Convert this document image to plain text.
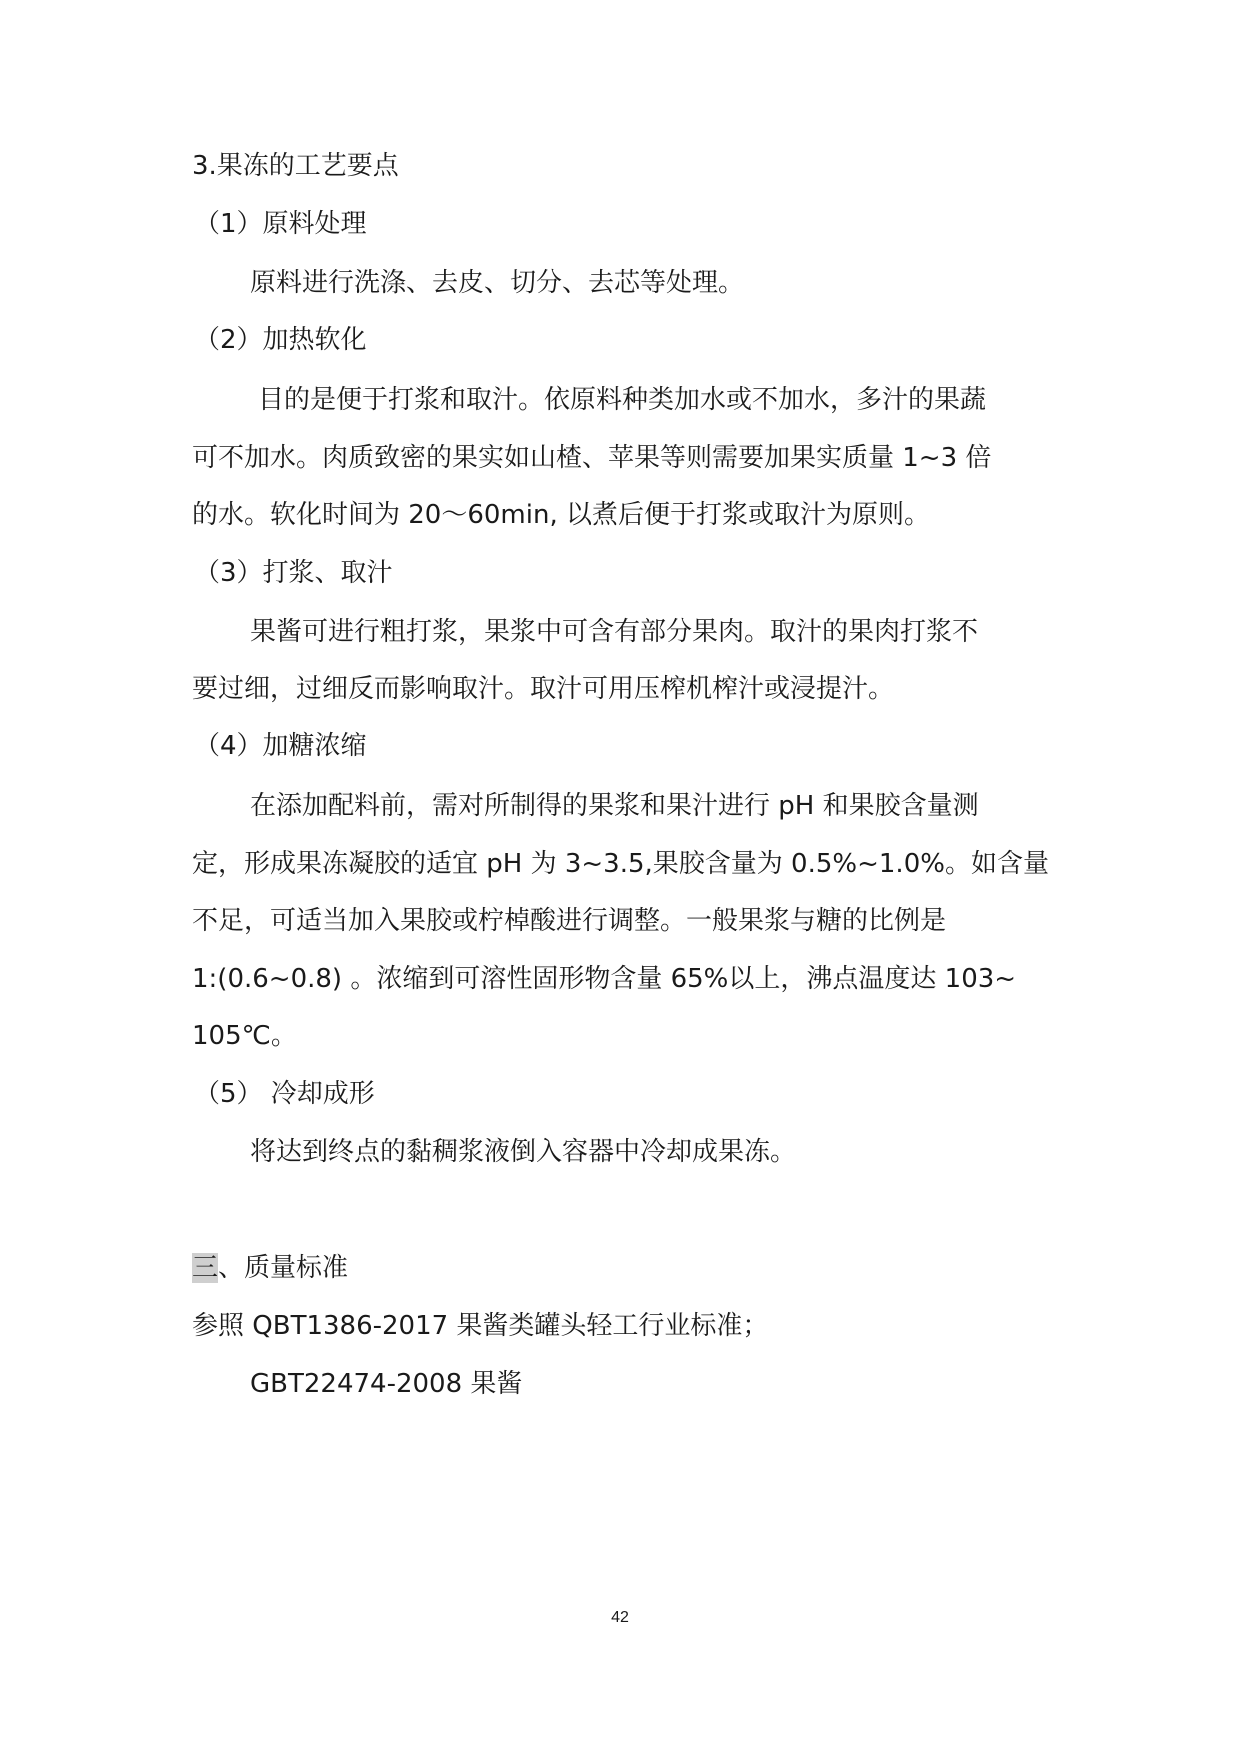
3.果冻的工艺要点
（1）原料处理
原料进行洗涤、去皮、切分、去芯等处理。
（2）加热软化
目的是便于打浆和取汁。依原料种类加水或不加水，多汁的果蔬
可不加水。肉质致密的果实如山楂、苹果等则需要加果实质量 1~3 倍
的水。软化时间为 20～60min, 以煮后便于打浆或取汁为原则。
（3）打浆、取汁
果酱可进行粗打浆，果浆中可含有部分果肉。取汁的果肉打浆不
要过细，过细反而影响取汁。取汁可用压榨机榨汁或浸提汁。
（4）加糖浓缩
在添加配料前，需对所制得的果浆和果汁进行 pH 和果胶含量测
定，形成果冻凝胶的适宜 pH 为 3~3.5,果胶含量为 0.5%~1.0%。如含量
不足，可适当加入果胶或柠棹酸进行调整。一般果浆与糖的比例是
1:(0.6~0.8) 。浓缩到可溶性固形物含量 65%以上，沸点温度达 103~
105℃。
（5） 冷却成形
将达到终点的黏稠浆液倒入容器中冷却成果冻。
三、质量标准
参照 QBT1386-2017 果酱类罐头轻工行业标准；
GBT22474-2008 果酱
42
